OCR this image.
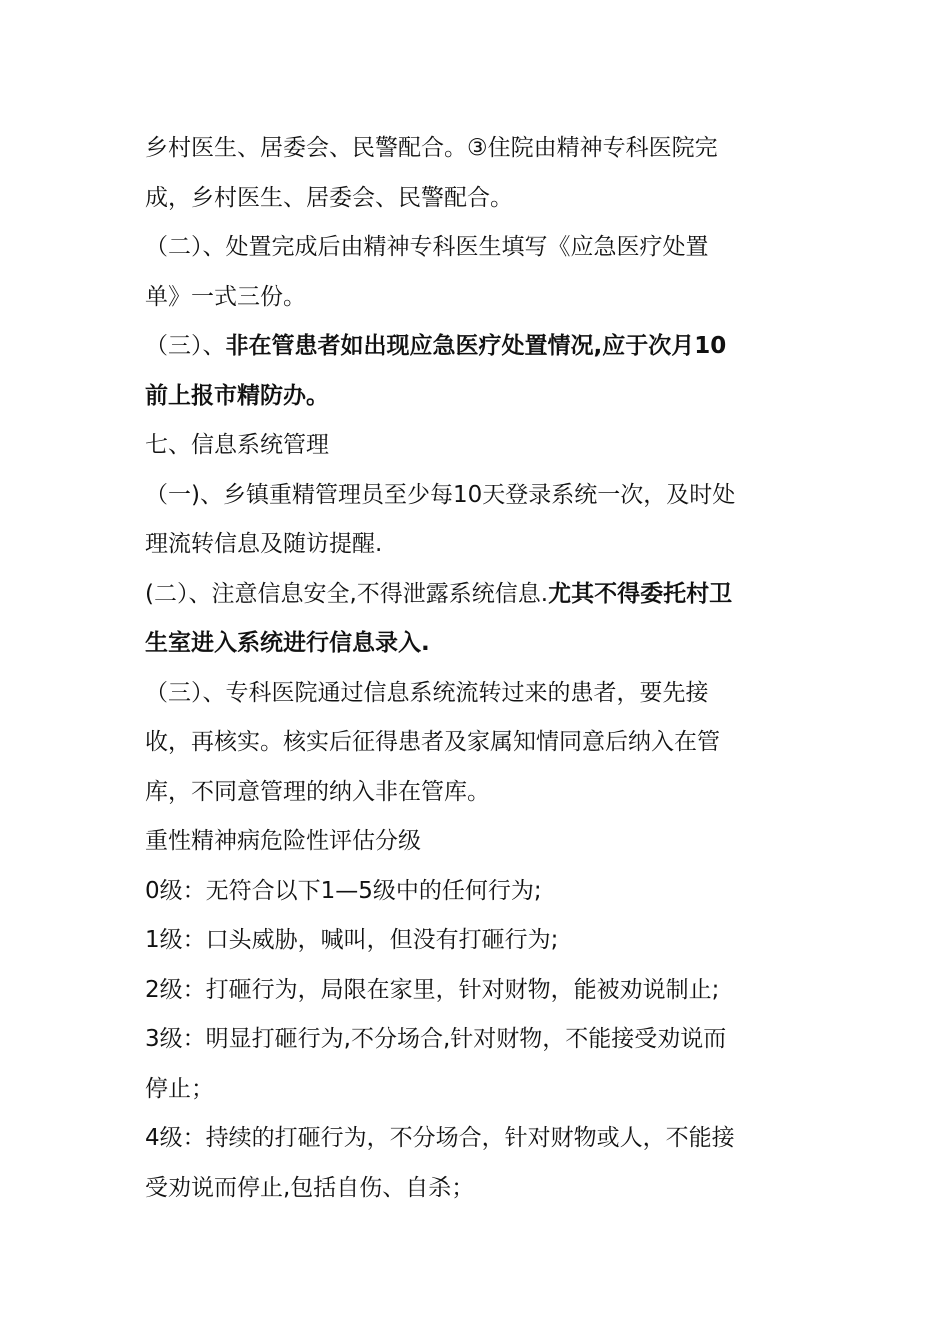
乡村医生、居委会、民警配合。③住院由精神专科医院完
成，乡村医生、居委会、民警配合。
（二）、处置完成后由精神专科医生填写《应急医疗处置
单》一式三份。
（三）、非在管患者如出现应急医疗处置情况,应于次月10
前上报市精防办。
七、信息系统管理
（一)、乡镇重精管理员至少每10天登录系统一次，及时处
理流转信息及随访提醒.
(二）、注意信息安全,不得泄露系统信息.尤其不得委托村卫
生室进入系统进行信息录入.
（三）、专科医院通过信息系统流转过来的患者，要先接
收，再核实。核实后征得患者及家属知情同意后纳入在管
库，不同意管理的纳入非在管库。
重性精神病危险性评估分级
0级：无符合以下1—5级中的任何行为;
1级：口头威胁，喊叫，但没有打砸行为;
2级：打砸行为，局限在家里，针对财物，能被劝说制止;
3级：明显打砸行为,不分场合,针对财物，不能接受劝说而
停止；
4级：持续的打砸行为，不分场合，针对财物或人，不能接
受劝说而停止,包括自伤、自杀；
